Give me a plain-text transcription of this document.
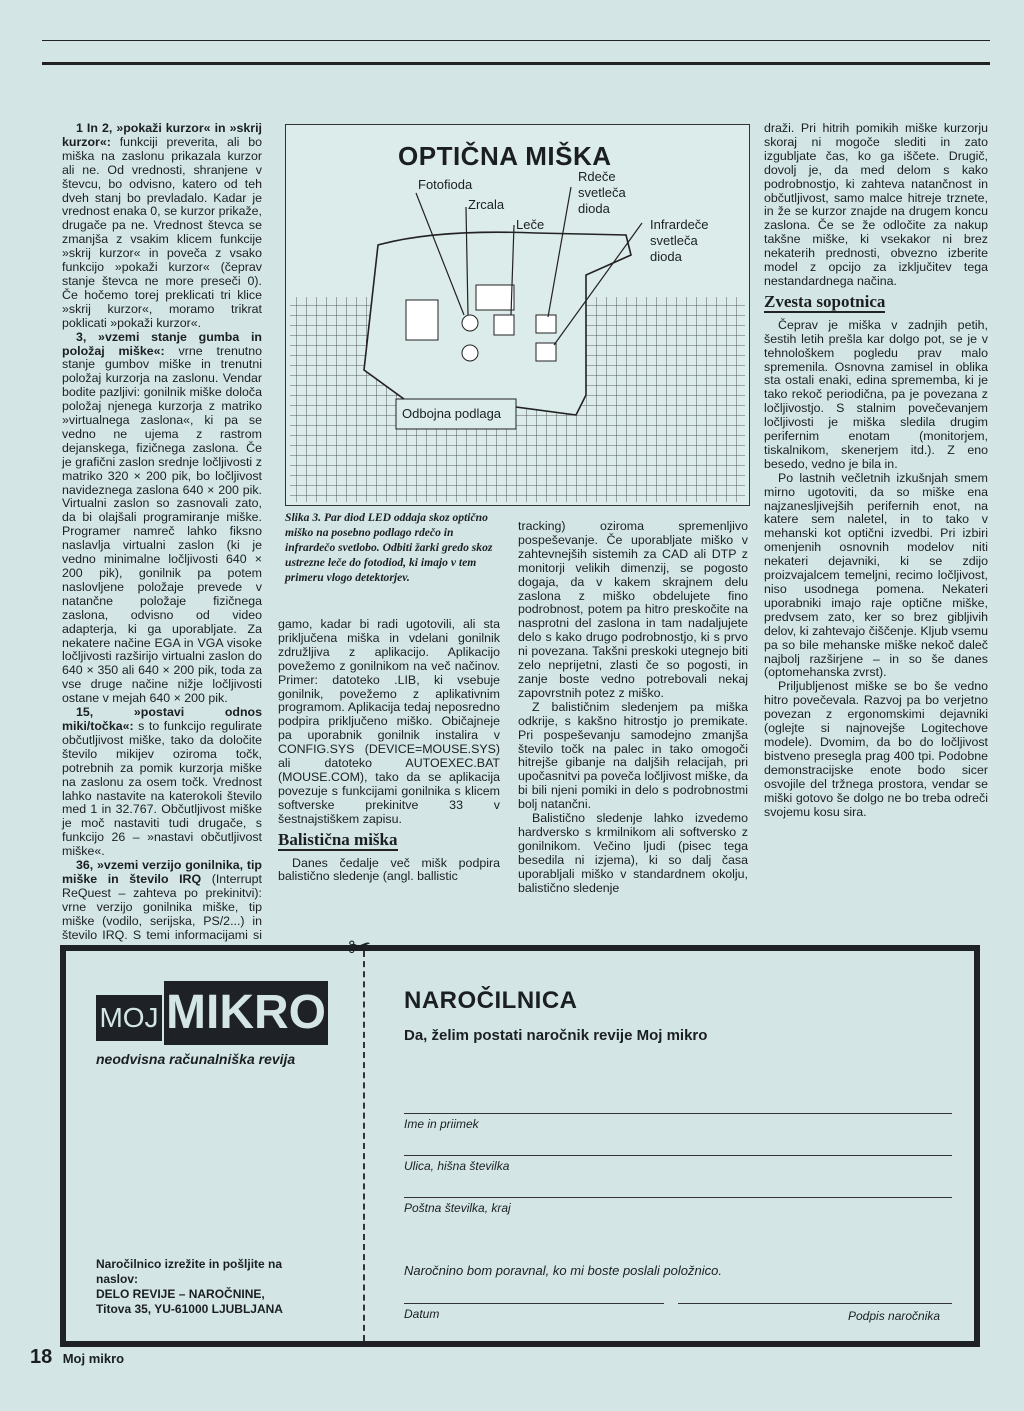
1 In 2, »pokaži kurzor« in »skrij kurzor«: funkciji preverita, ali bo miška na zaslonu prikazala kurzor ali ne. Od vrednosti, shranjene v števcu, bo odvisno, katero od teh dveh stanj bo prevladalo. Kadar je vrednost enaka 0, se kurzor prikaže, drugače pa ne. Vrednost števca se zmanjša z vsakim klicem funkcije »skrij kurzor« in poveča z vsako funkcijo »pokaži kurzor« (čeprav stanje števca ne more preseči 0). Če hočemo torej preklicati tri klice »skrij kurzor«, moramo trikrat poklicati »pokaži kurzor«.

3, »vzemi stanje gumba in položaj miške«: vrne trenutno stanje gumbov miške in trenutni položaj kurzorja na zaslonu. Vendar bodite pazljivi: gonilnik miške določa položaj njenega kurzorja z matriko »virtualnega zaslona«, ki pa se vedno ne ujema z rastrom dejanskega, fizičnega zaslona. Če je grafični zaslon srednje ločljivosti z matriko 320 × 200 pik, bo ločljivost navideznega zaslona 640 × 200 pik. Virtualni zaslon so zasnovali zato, da bi olajšali programiranje miške. Programer namreč lahko fiksno naslavlja virtualni zaslon (ki je vedno minimalne ločljivosti 640 × 200 pik), gonilnik pa potem naslovljene položaje prevede v natančne položaje fizičnega zaslona, odvisno od video adapterja, ki ga uporabljate. Za nekatere načine EGA in VGA visoke ločljivosti razširijo virtualni zaslon do 640 × 350 ali 640 × 200 pik, toda za vse druge načine nižje ločljivosti ostane v mejah 640 × 200 pik.

15, »postavi odnos miki/točka«: s to funkcijo regulirate občutljivost miške, tako da določite število mikijev oziroma točk, potrebnih za pomik kurzorja miške na zaslonu za osem točk. Vrednost lahko nastavite na katerokoli število med 1 in 32.767. Občutljivost miške je moč nastaviti tudi drugače, s funkcijo 26 – »nastavi občutljivost miške«.

36, »vzemi verzijo gonilnika, tip miške in število IRQ (Interrupt ReQuest – zahteva po prekinitvi): vrne verzijo gonilnika miške, tip miške (vodilo, serijska, PS/2...) in število IRQ. S temi informacijami si

OPTIČNA MIŠKA
Fotofioda
Zrcala
Leče
Rdeče
svetleča
dioda
Infrardeče
svetleča
dioda
Odbojna podlaga
Slika 3. Par diod LED oddaja skoz optično miško na posebno podlago rdečo in infrardečo svetlobo. Odbiti žarki gredo skoz ustrezne leče do fotodiod, ki imajo v tem primeru vlogo detektorjev.

gamo, kadar bi radi ugotovili, ali sta priključena miška in vdelani gonilnik združljiva z aplikacijo. Aplikacijo povežemo z gonilnikom na več načinov. Primer: datoteko .LIB, ki vsebuje gonilnik, povežemo z aplikativnim programom. Aplikacija tedaj neposredno podpira priključeno miško. Običajneje pa uporabnik gonilnik instalira v CONFIG.SYS (DEVICE=MOUSE.SYS) ali datoteko AUTOEXEC.BAT (MOUSE.COM), tako da se aplikacija povezuje s funkcijami gonilnika s klicem softverske prekinitve 33 v šestnajstiškem zapisu.

Balistična miška

Danes čedalje več mišk podpira balistično sledenje (angl. ballistic

tracking) oziroma spremenljivo pospeševanje. Če uporabljate miško v zahtevnejših sistemih za CAD ali DTP z monitorji velikih dimenzij, se pogosto dogaja, da v kakem skrajnem delu zaslona z miško obdelujete fino podrobnost, potem pa hitro preskočite na nasprotni del zaslona in tam nadaljujete delo s kako drugo podrobnostjo, ki s prvo ni povezana. Takšni preskoki utegnejo biti zelo neprijetni, zlasti če so pogosti, in zanje boste vedno potrebovali nekaj zapovrstnih potez z miško.

Z balističnim sledenjem pa miška odkrije, s kakšno hitrostjo jo premikate. Pri pospeševanju samodejno zmanjša število točk na palec in tako omogoči hitrejše gibanje na daljših relacijah, pri upočasnitvi pa poveča ločljivost miške, da bi bili njeni pomiki in delo s podrobnostmi bolj natančni.

Balistično sledenje lahko izvedemo hardversko s krmilnikom ali softversko z gonilnikom. Večino ljudi (pisec tega besedila ni izjema), ki so dalj časa uporabljali miško v standardnem okolju, balistično sledenje

draži. Pri hitrih pomikih miške kurzorju skoraj ni mogoče slediti in zato izgubljate čas, ko ga iščete. Drugič, dovolj je, da med delom s kako podrobnostjo, ki zahteva natančnost in občutljivost, samo malce hitreje trznete, in že se kurzor znajde na drugem koncu zaslona. Če se že odločite za nakup takšne miške, ki vsekakor ni brez nekaterih prednosti, obvezno izberite model z opcijo za izključitev tega nestandardnega načina.

Zvesta sopotnica

Čeprav je miška v zadnjih petih, šestih letih prešla kar dolgo pot, se je v tehnološkem pogledu prav malo spremenila. Osnovna zamisel in oblika sta ostali enaki, edina sprememba, ki je tako rekoč periodična, pa je povezana z ločljivostjo. S stalnim povečevanjem ločljivosti je miška sledila drugim perifernim enotam (monitorjem, tiskalnikom, skenerjem itd.). Z eno besedo, vedno je bila in.

Po lastnih večletnih izkušnjah smem mirno ugotoviti, da so miške ena najzanesljivejših perifernih enot, na katere sem naletel, in to tako v mehanski kot optični izvedbi. Pri izbiri omenjenih osnovnih modelov niti nekateri dejavniki, ki se zdijo proizvajalcem temeljni, recimo ločljivost, niso usodnega pomena. Nekateri uporabniki imajo raje optične miške, predvsem zato, ker so brez gibljivih delov, ki zahtevajo čiščenje. Kljub vsemu pa so bile mehanske miške nekoč daleč najbolj razširjene – in so še danes (optomehanska zvrst).

Priljubljenost miške se bo še vedno hitro povečevala. Razvoj pa bo verjetno povezan z ergonomskimi dejavniki (oglejte si najnovejše Logitechove modele). Dvomim, da bo do ločljivost bistveno presegla prag 400 tpi. Podobne demonstracijske enote bodo sicer osvojile del tržnega prostora, vendar se miški gotovo še dolgo ne bo treba odreči svojemu kosu sira.

✂
MOJ MIKRO
neodvisna računalniška revija
Naročilnico izrežite in pošljite na
naslov:
DELO REVIJE – NAROČNINE,
Titova 35, YU-61000 LJUBLJANA
NAROČILNICA
Da, želim postati naročnik revije Moj mikro
Ime in priimek
Ulica, hišna številka
Poštna številka, kraj
Naročnino bom poravnal, ko mi boste poslali položnico.
Datum	Podpis naročnika
18 Moj mikro
